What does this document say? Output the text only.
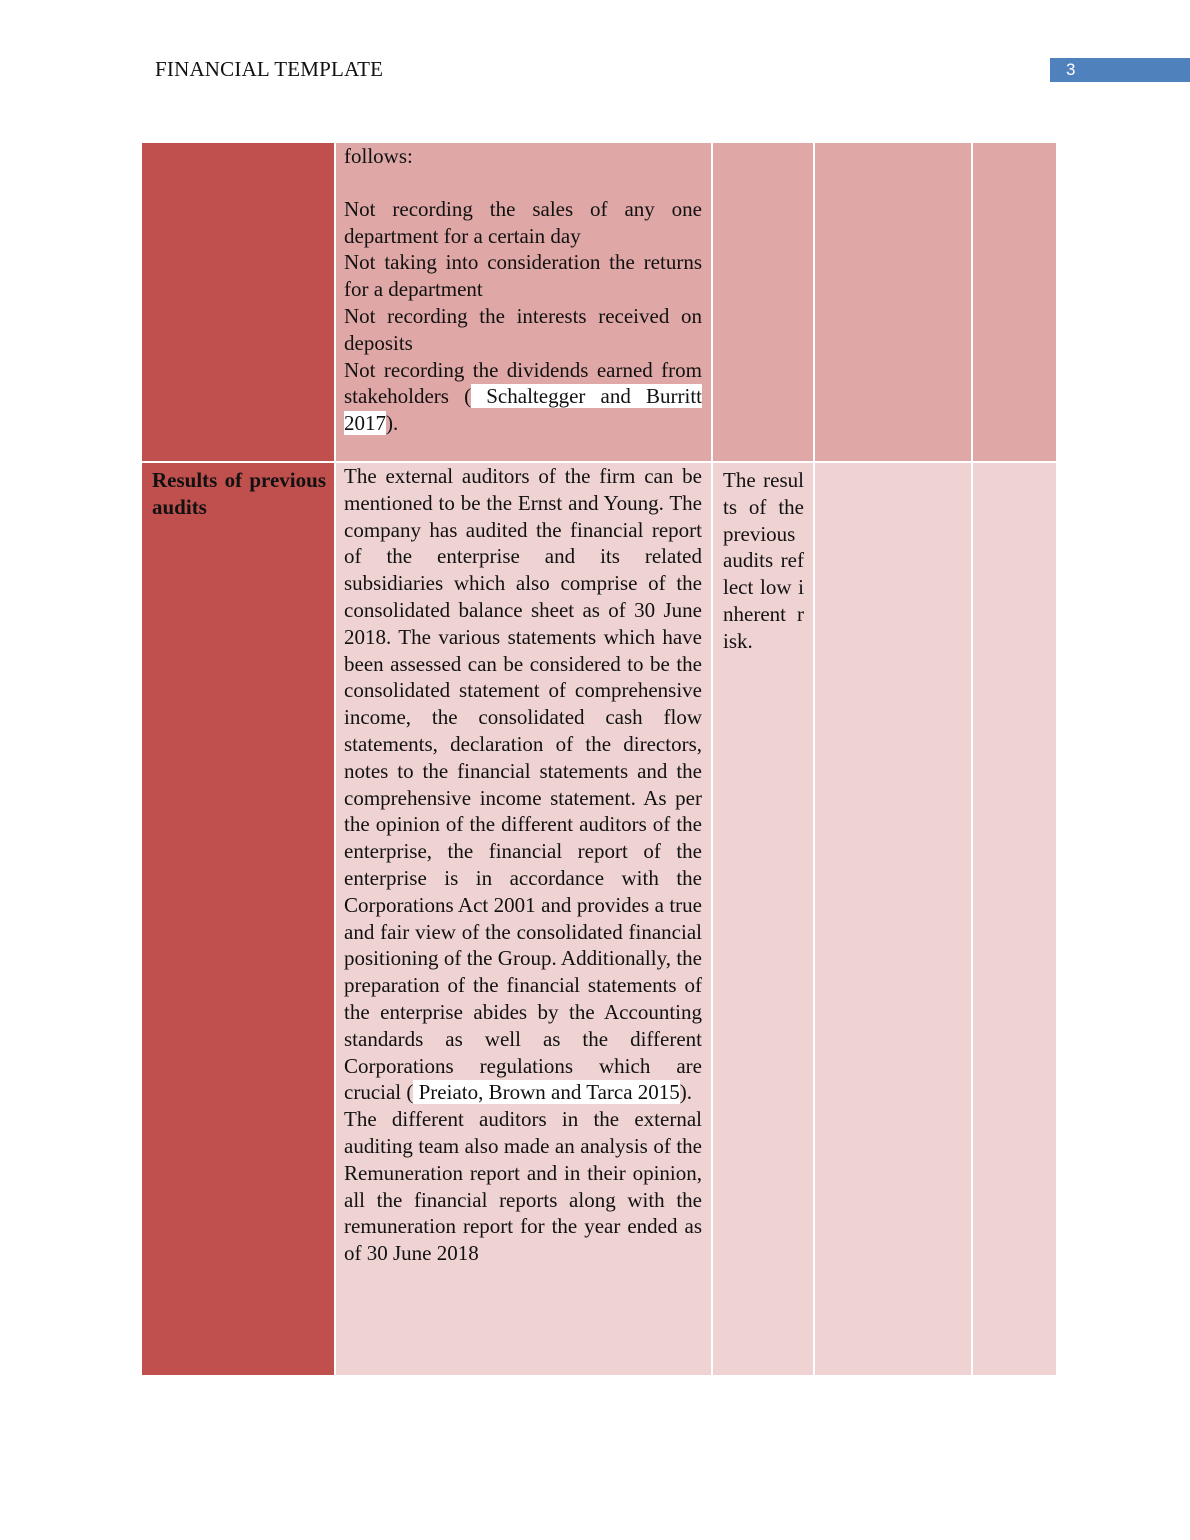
FINANCIAL TEMPLATE	3

	follows:

Not recording the sales of any one department for a certain day

Not taking into consideration the returns for a department

Not recording the interests received on deposits

Not recording the dividends earned from stakeholders ( Schaltegger and Burritt 2017).			

Results of previous audits	The external auditors of the firm can be mentioned to be the Ernst and Young. The company has audited the financial report of the enterprise and its related subsidiaries which also comprise of the consolidated balance sheet as of 30 June 2018. The various statements which have been assessed can be considered to be the consolidated statement of comprehensive income, the consolidated cash flow statements, declaration of the directors, notes to the financial statements and the comprehensive income statement. As per the opinion of the different auditors of the enterprise, the financial report of the enterprise is in accordance with the Corporations Act 2001 and provides a true and fair view of the consolidated financial positioning of the Group. Additionally, the preparation of the financial statements of the enterprise abides by the Accounting standards as well as the different Corporations regulations which are crucial ( Preiato, Brown and Tarca 2015).

The different auditors in the external auditing team also made an analysis of the Remuneration report and in their opinion, all the financial reports along with the remuneration report for the year ended as of 30 June 2018	The results of the previous audits reflect low inherent risk.		
